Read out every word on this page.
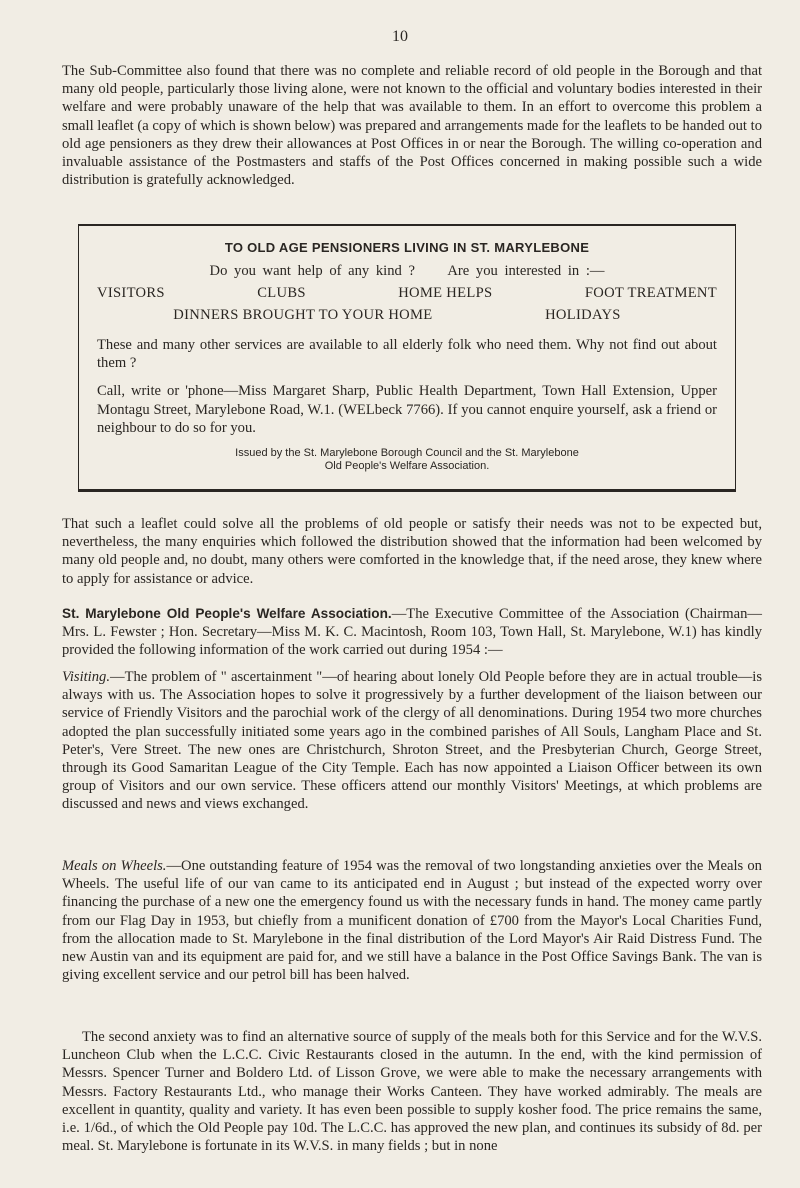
10

The Sub-Committee also found that there was no complete and reliable record of old people in the Borough and that many old people, particularly those living alone, were not known to the official and voluntary bodies interested in their welfare and were probably unaware of the help that was available to them. In an effort to overcome this problem a small leaflet (a copy of which is shown below) was prepared and arrangements made for the leaflets to be handed out to old age pensioners as they drew their allowances at Post Offices in or near the Borough. The willing co-operation and invaluable assistance of the Postmasters and staffs of the Post Offices concerned in making possible such a wide distribution is gratefully acknowledged.

TO OLD AGE PENSIONERS LIVING IN ST. MARYLEBONE
Do you want help of any kind ?     Are you interested in :—
VISITORS	CLUBS	HOME HELPS	FOOT TREATMENT
DINNERS BROUGHT TO YOUR HOME	HOLIDAYS

These and many other services are available to all elderly folk who need them. Why not find out about them ?

Call, write or 'phone—Miss Margaret Sharp, Public Health Department, Town Hall Extension, Upper Montagu Street, Marylebone Road, W.1. (WELbeck 7766). If you cannot enquire yourself, ask a friend or neighbour to do so for you.

Issued by the St. Marylebone Borough Council and the St. Marylebone
Old People's Welfare Association.

That such a leaflet could solve all the problems of old people or satisfy their needs was not to be expected but, nevertheless, the many enquiries which followed the distribution showed that the information had been welcomed by many old people and, no doubt, many others were comforted in the knowledge that, if the need arose, they knew where to apply for assistance or advice.

St. Marylebone Old People's Welfare Association.—The Executive Committee of the Association (Chairman—Mrs. L. Fewster ; Hon. Secretary—Miss M. K. C. Macintosh, Room 103, Town Hall, St. Marylebone, W.1) has kindly provided the following information of the work carried out during 1954 :—

Visiting.—The problem of " ascertainment "—of hearing about lonely Old People before they are in actual trouble—is always with us. The Association hopes to solve it progressively by a further development of the liaison between our service of Friendly Visitors and the parochial work of the clergy of all denominations. During 1954 two more churches adopted the plan successfully initiated some years ago in the combined parishes of All Souls, Langham Place and St. Peter's, Vere Street. The new ones are Christchurch, Shroton Street, and the Presbyterian Church, George Street, through its Good Samaritan League of the City Temple. Each has now appointed a Liaison Officer between its own group of Visitors and our own service. These officers attend our monthly Visitors' Meetings, at which problems are discussed and news and views exchanged.

Meals on Wheels.—One outstanding feature of 1954 was the removal of two longstanding anxieties over the Meals on Wheels. The useful life of our van came to its anticipated end in August ; but instead of the expected worry over financing the purchase of a new one the emergency found us with the necessary funds in hand. The money came partly from our Flag Day in 1953, but chiefly from a munificent donation of £700 from the Mayor's Local Charities Fund, from the allocation made to St. Marylebone in the final distribution of the Lord Mayor's Air Raid Distress Fund. The new Austin van and its equipment are paid for, and we still have a balance in the Post Office Savings Bank. The van is giving excellent service and our petrol bill has been halved.

The second anxiety was to find an alternative source of supply of the meals both for this Service and for the W.V.S. Luncheon Club when the L.C.C. Civic Restaurants closed in the autumn. In the end, with the kind permission of Messrs. Spencer Turner and Boldero Ltd. of Lisson Grove, we were able to make the necessary arrangements with Messrs. Factory Restaurants Ltd., who manage their Works Canteen. They have worked admirably. The meals are excellent in quantity, quality and variety. It has even been possible to supply kosher food. The price remains the same, i.e. 1/6d., of which the Old People pay 10d. The L.C.C. has approved the new plan, and continues its subsidy of 8d. per meal. St. Marylebone is fortunate in its W.V.S. in many fields ; but in none
